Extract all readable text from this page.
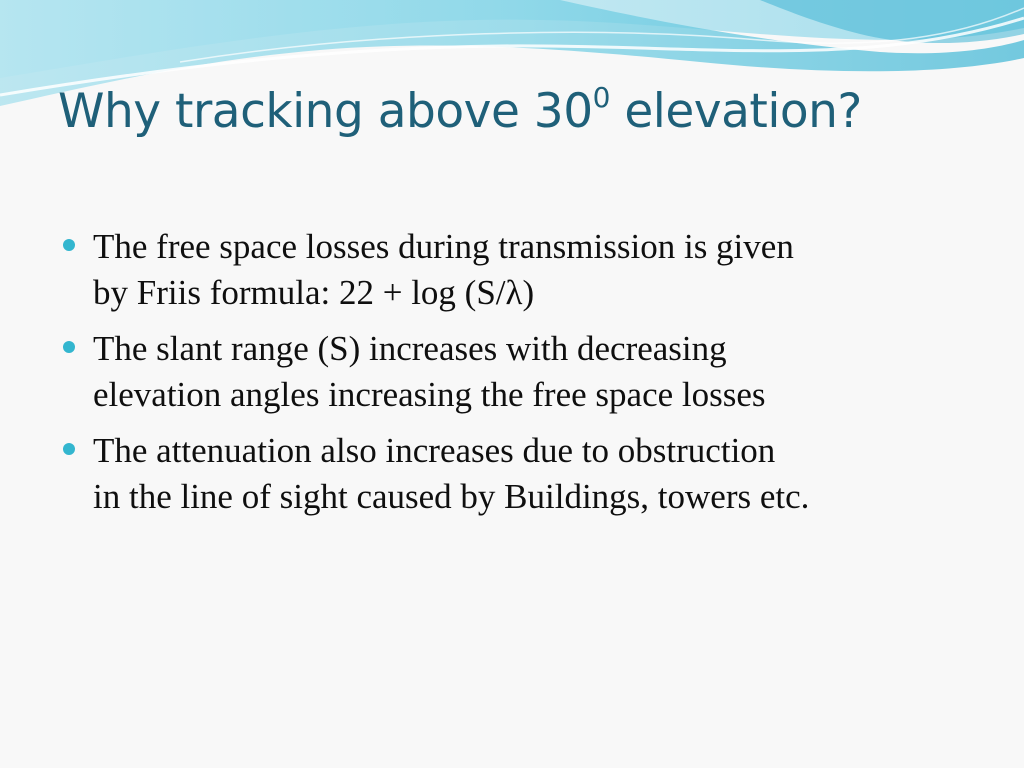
Why tracking above $30^0$ elevation?
The free space losses during transmission is given
by Friis formula: 22 + log (S/λ)
The slant range (S) increases with decreasing
elevation angles increasing the free space losses
The attenuation also increases due to obstruction
in the line of sight caused by Buildings, towers etc.
